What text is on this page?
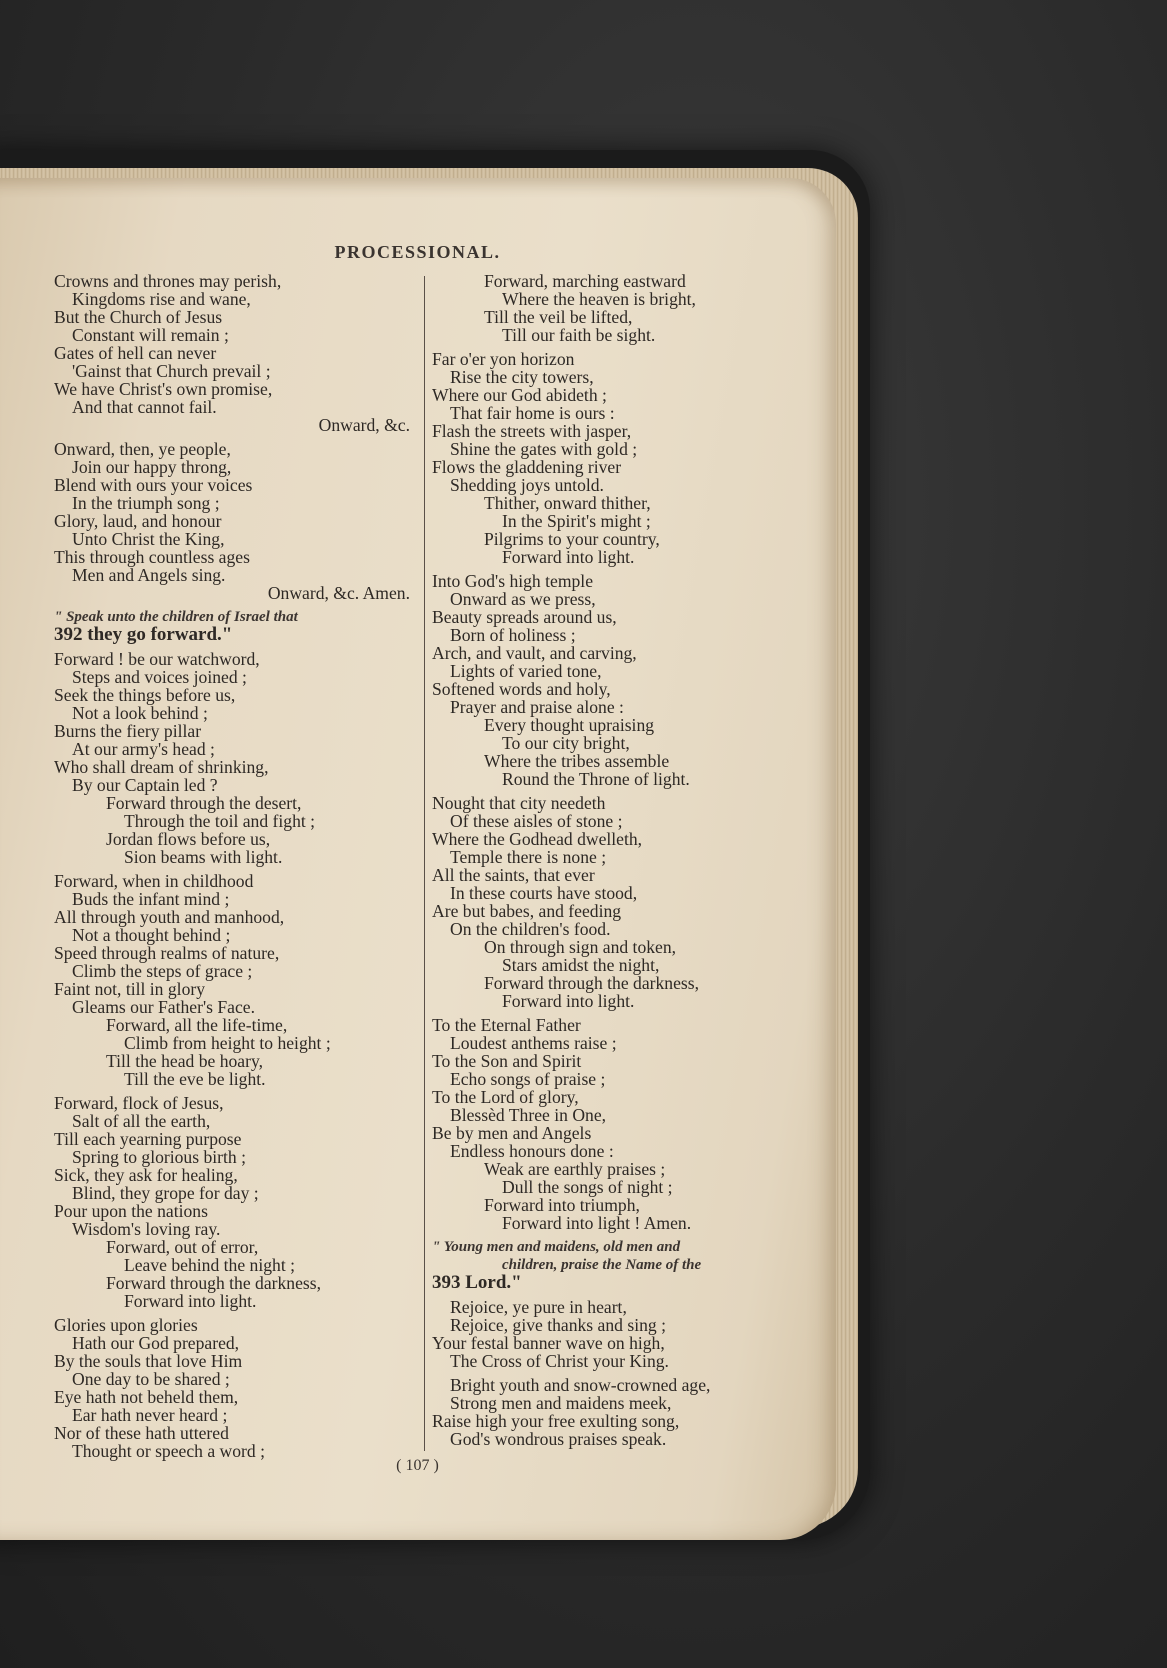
PROCESSIONAL.
Crowns and thrones may perish,
Kingdoms rise and wane,
But the Church of Jesus
Constant will remain ;
Gates of hell can never
'Gainst that Church prevail ;
We have Christ's own promise,
And that cannot fail.
Onward, &c.
Onward, then, ye people,
Join our happy throng,
Blend with ours your voices
In the triumph song ;
Glory, laud, and honour
Unto Christ the King,
This through countless ages
Men and Angels sing.
Onward, &c. Amen.
" Speak unto the children of Israel that
392 they go forward."
Forward ! be our watchword,
Steps and voices joined ;
Seek the things before us,
Not a look behind ;
Burns the fiery pillar
At our army's head ;
Who shall dream of shrinking,
By our Captain led ?
Forward through the desert,
Through the toil and fight ;
Jordan flows before us,
Sion beams with light.
Forward, when in childhood
Buds the infant mind ;
All through youth and manhood,
Not a thought behind ;
Speed through realms of nature,
Climb the steps of grace ;
Faint not, till in glory
Gleams our Father's Face.
Forward, all the life-time,
Climb from height to height ;
Till the head be hoary,
Till the eve be light.
Forward, flock of Jesus,
Salt of all the earth,
Till each yearning purpose
Spring to glorious birth ;
Sick, they ask for healing,
Blind, they grope for day ;
Pour upon the nations
Wisdom's loving ray.
Forward, out of error,
Leave behind the night ;
Forward through the darkness,
Forward into light.
Glories upon glories
Hath our God prepared,
By the souls that love Him
One day to be shared ;
Eye hath not beheld them,
Ear hath never heard ;
Nor of these hath uttered
Thought or speech a word ;
Forward, marching eastward
Where the heaven is bright,
Till the veil be lifted,
Till our faith be sight.
Far o'er yon horizon
Rise the city towers,
Where our God abideth ;
That fair home is ours :
Flash the streets with jasper,
Shine the gates with gold ;
Flows the gladdening river
Shedding joys untold.
Thither, onward thither,
In the Spirit's might ;
Pilgrims to your country,
Forward into light.
Into God's high temple
Onward as we press,
Beauty spreads around us,
Born of holiness ;
Arch, and vault, and carving,
Lights of varied tone,
Softened words and holy,
Prayer and praise alone :
Every thought upraising
To our city bright,
Where the tribes assemble
Round the Throne of light.
Nought that city needeth
Of these aisles of stone ;
Where the Godhead dwelleth,
Temple there is none ;
All the saints, that ever
In these courts have stood,
Are but babes, and feeding
On the children's food.
On through sign and token,
Stars amidst the night,
Forward through the darkness,
Forward into light.
To the Eternal Father
Loudest anthems raise ;
To the Son and Spirit
Echo songs of praise ;
To the Lord of glory,
Blessèd Three in One,
Be by men and Angels
Endless honours done :
Weak are earthly praises ;
Dull the songs of night ;
Forward into triumph,
Forward into light ! Amen.
" Young men and maidens, old men and
children, praise the Name of the
393 Lord."
Rejoice, ye pure in heart,
Rejoice, give thanks and sing ;
Your festal banner wave on high,
The Cross of Christ your King.
Bright youth and snow-crowned age,
Strong men and maidens meek,
Raise high your free exulting song,
God's wondrous praises speak.
( 107 )
